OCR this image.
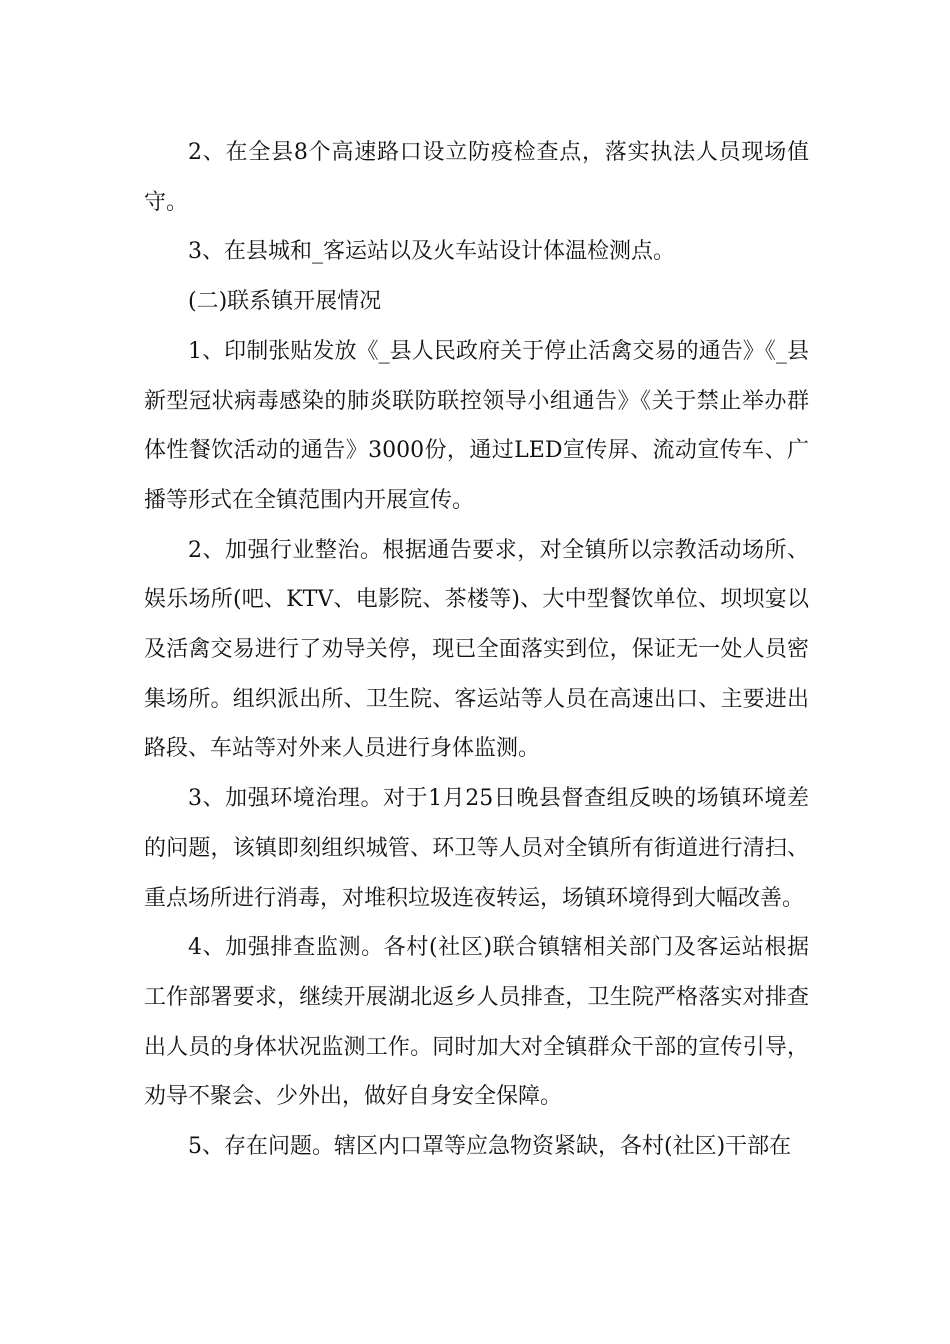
2、在全县8个高速路口设立防疫检查点，落实执法人员现场值守。

3、在县城和_客运站以及火车站设计体温检测点。

(二)联系镇开展情况

1、印制张贴发放《_县人民政府关于停止活禽交易的通告》《_县新型冠状病毒感染的肺炎联防联控领导小组通告》《关于禁止举办群体性餐饮活动的通告》3000份，通过LED宣传屏、流动宣传车、广播等形式在全镇范围内开展宣传。

2、加强行业整治。根据通告要求，对全镇所以宗教活动场所、娱乐场所(吧、KTV、电影院、茶楼等)、大中型餐饮单位、坝坝宴以及活禽交易进行了劝导关停，现已全面落实到位，保证无一处人员密集场所。组织派出所、卫生院、客运站等人员在高速出口、主要进出路段、车站等对外来人员进行身体监测。

3、加强环境治理。对于1月25日晚县督查组反映的场镇环境差的问题，该镇即刻组织城管、环卫等人员对全镇所有街道进行清扫、重点场所进行消毒，对堆积垃圾连夜转运，场镇环境得到大幅改善。

4、加强排查监测。各村(社区)联合镇辖相关部门及客运站根据工作部署要求，继续开展湖北返乡人员排查，卫生院严格落实对排查出人员的身体状况监测工作。同时加大对全镇群众干部的宣传引导，劝导不聚会、少外出，做好自身安全保障。

5、存在问题。辖区内口罩等应急物资紧缺，各村(社区)干部在
